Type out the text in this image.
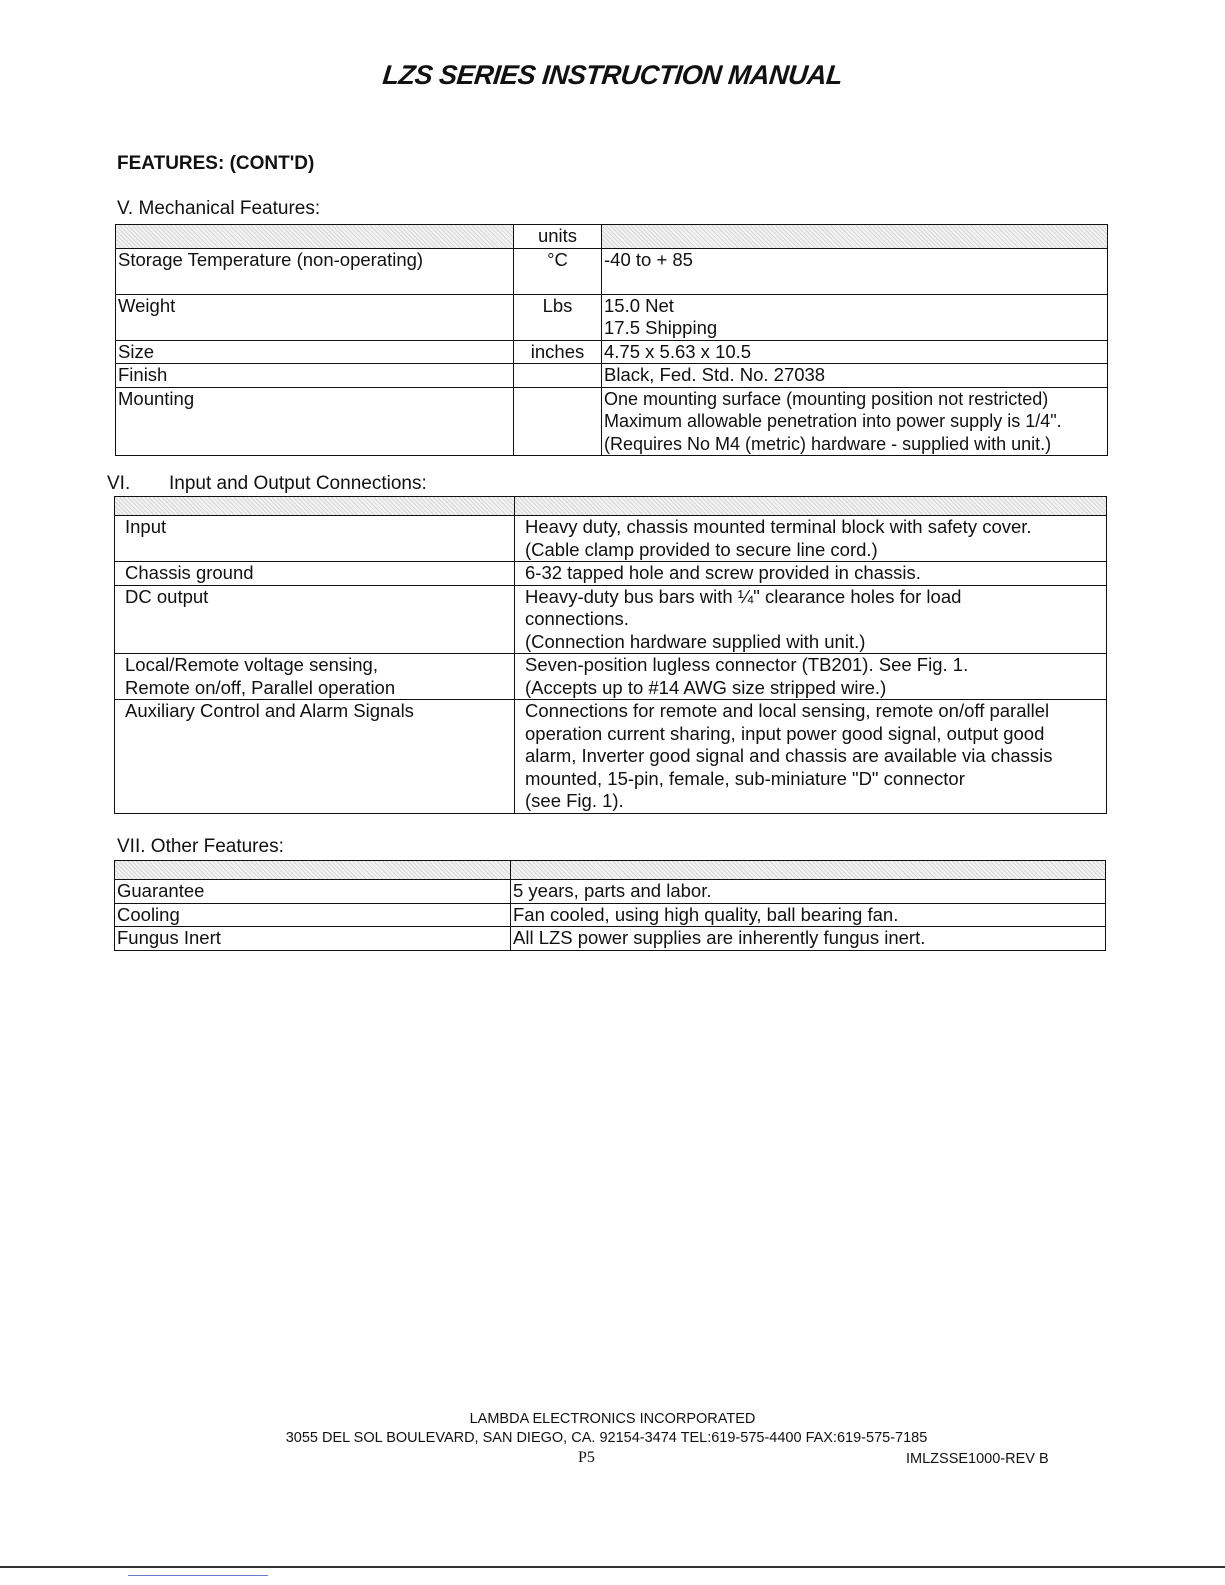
LZS SERIES INSTRUCTION MANUAL
FEATURES: (CONT'D)
V. Mechanical Features:
	units	
Storage Temperature (non-operating)	°C	-40 to + 85
Weight	Lbs	15.0 Net
17.5 Shipping
Size	inches	4.75 x 5.63 x 10.5
Finish		Black, Fed. Std. No. 27038
Mounting		One mounting surface (mounting position not restricted)
Maximum allowable penetration into power supply is 1/4".
(Requires No M4 (metric) hardware - supplied with unit.)
VI. Input and Output Connections:

Input	Heavy duty, chassis mounted terminal block with safety cover.
(Cable clamp provided to secure line cord.)
Chassis ground	6-32 tapped hole and screw provided in chassis.
DC output	Heavy-duty bus bars with ¼" clearance holes for load
connections.
(Connection hardware supplied with unit.)
Local/Remote voltage sensing,
Remote on/off, Parallel operation	Seven-position lugless connector (TB201). See Fig. 1.
(Accepts up to #14 AWG size stripped wire.)
Auxiliary Control and Alarm Signals	Connections for remote and local sensing, remote on/off parallel
operation current sharing, input power good signal, output good
alarm, Inverter good signal and chassis are available via chassis
mounted, 15-pin, female, sub-miniature "D" connector
(see Fig. 1).
VII. Other Features:

Guarantee	5 years, parts and labor.
Cooling	Fan cooled, using high quality, ball bearing fan.
Fungus Inert	All LZS power supplies are inherently fungus inert.
LAMBDA ELECTRONICS INCORPORATED
3055 DEL SOL BOULEVARD, SAN DIEGO, CA. 92154-3474 TEL:619-575-4400 FAX:619-575-7185
P5	IMLZSSE1000-REV B
